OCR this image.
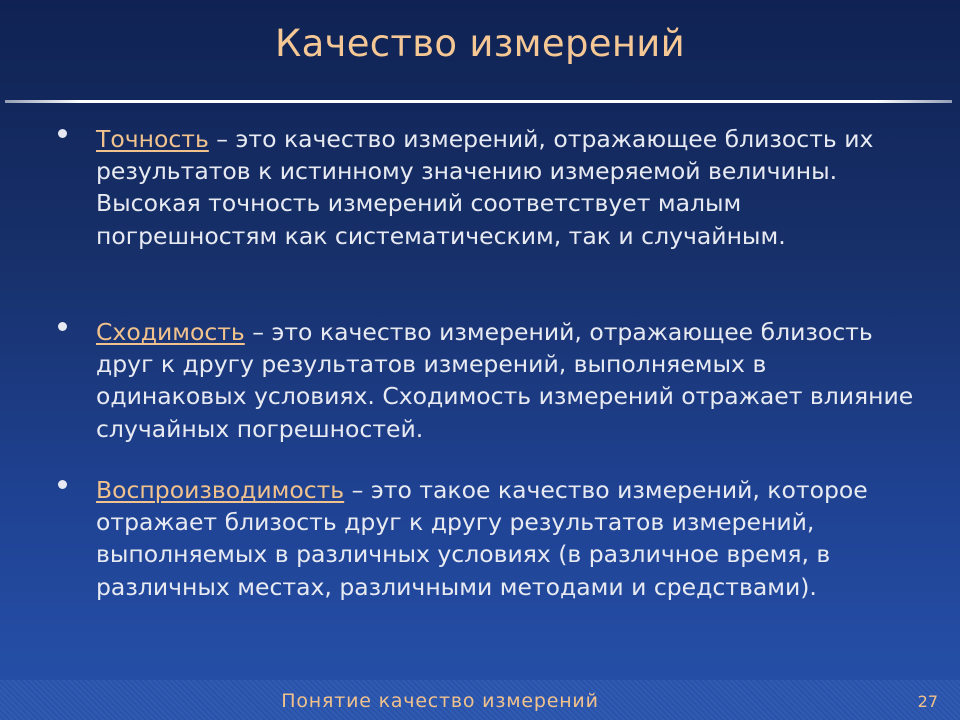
Качество измерений
Точность – это качество измерений, отражающее близость их результатов к истинному значению измеряемой величины. Высокая точность измерений соответствует малым погрешностям как систематическим, так и случайным.
Сходимость – это качество измерений, отражающее близость друг к другу результатов измерений, выполняемых в одинаковых условиях. Сходимость измерений отражает влияние случайных погрешностей.
Воспроизводимость – это такое качество измерений, которое отражает близость друг к другу результатов измерений, выполняемых в различных условиях (в различное время, в различных местах, различными методами и средствами).
Понятие качество измерений	27
